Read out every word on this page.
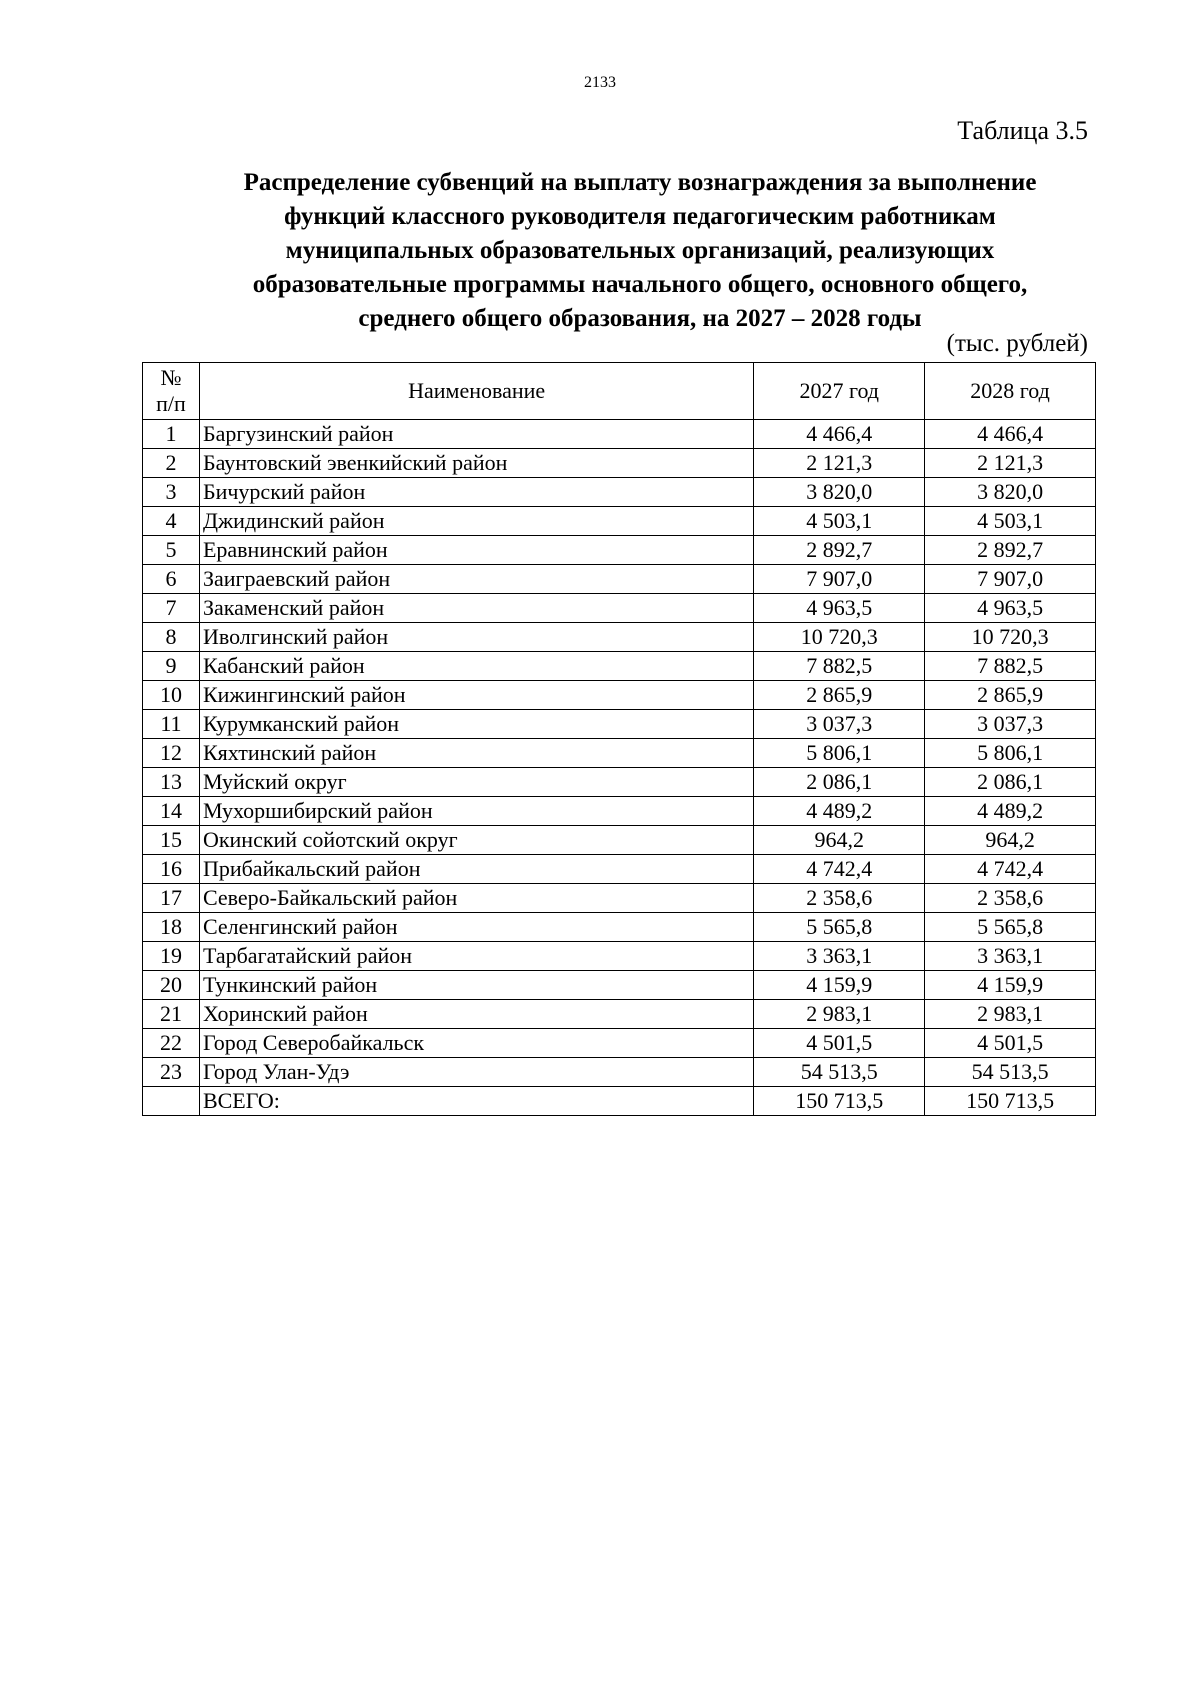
2133
Таблица 3.5
Распределение субвенций на выплату вознаграждения за выполнение
функций классного руководителя педагогическим работникам
муниципальных образовательных организаций, реализующих
образовательные программы начального общего, основного общего,
среднего общего образования, на 2027 – 2028 годы
(тыс. рублей)
№
п/п	Наименование	2027 год	2028 год
1	Баргузинский район	4 466,4	4 466,4
2	Баунтовский эвенкийский район	2 121,3	2 121,3
3	Бичурский район	3 820,0	3 820,0
4	Джидинский район	4 503,1	4 503,1
5	Еравнинский район	2 892,7	2 892,7
6	Заиграевский район	7 907,0	7 907,0
7	Закаменский район	4 963,5	4 963,5
8	Иволгинский район	10 720,3	10 720,3
9	Кабанский район	7 882,5	7 882,5
10	Кижингинский район	2 865,9	2 865,9
11	Курумканский район	3 037,3	3 037,3
12	Кяхтинский район	5 806,1	5 806,1
13	Муйский округ	2 086,1	2 086,1
14	Мухоршибирский район	4 489,2	4 489,2
15	Окинский сойотский округ	964,2	964,2
16	Прибайкальский район	4 742,4	4 742,4
17	Северо-Байкальский район	2 358,6	2 358,6
18	Селенгинский район	5 565,8	5 565,8
19	Тарбагатайский район	3 363,1	3 363,1
20	Тункинский район	4 159,9	4 159,9
21	Хоринский район	2 983,1	2 983,1
22	Город Северобайкальск	4 501,5	4 501,5
23	Город Улан-Удэ	54 513,5	54 513,5
	ВСЕГО:	150 713,5	150 713,5
